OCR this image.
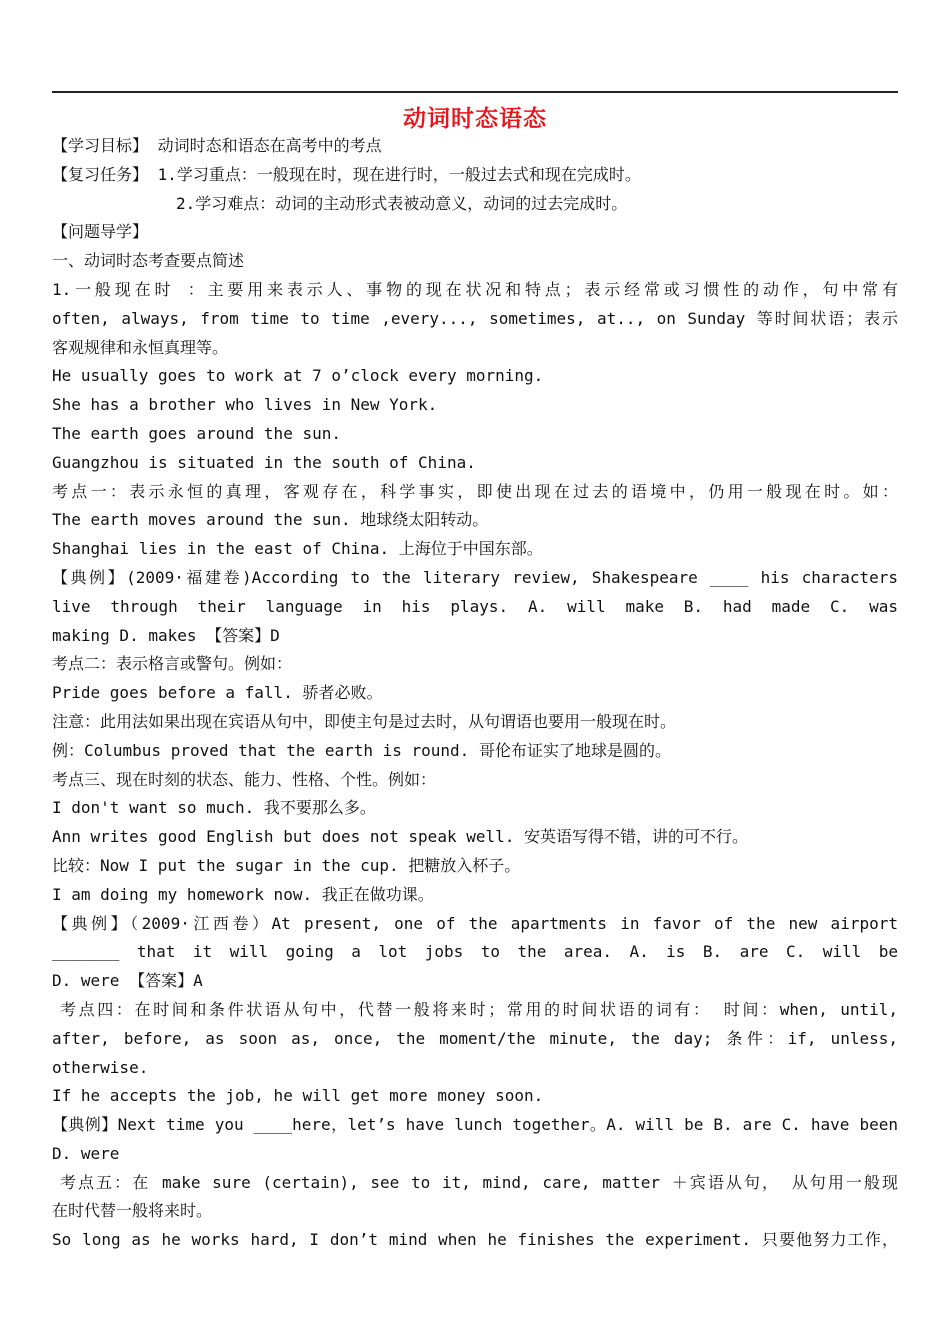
动词时态语态
【学习目标】 动词时态和语态在高考中的考点
【复习任务】 1.学习重点：一般现在时，现在进行时，一般过去式和现在完成时。
2.学习难点：动词的主动形式表被动意义，动词的过去完成时。
【问题导学】
一、动词时态考查要点简述
1.一般现在时 ：主要用来表示人、事物的现在状况和特点；表示经常或习惯性的动作，句中常有
often, always, from time to time ,every..., sometimes, at.., on Sunday 等时间状语；表示
客观规律和永恒真理等。
He usually goes to work at 7 o’clock every morning.
She has a brother who lives in New York.
The earth goes around the sun.
Guangzhou is situated in the south of China.
考点一：表示永恒的真理，客观存在，科学事实，即使出现在过去的语境中，仍用一般现在时。如：
The earth moves around the sun. 地球绕太阳转动。
Shanghai lies in the east of China. 上海位于中国东部。
【典例】(2009·福建卷)According to the literary review, Shakespeare ____ his characters
live through their language in his plays. A. will make B. had made C. was
making D. makes 【答案】D
考点二：表示格言或警句。例如：
Pride goes before a fall. 骄者必败。
注意：此用法如果出现在宾语从句中，即使主句是过去时，从句谓语也要用一般现在时。
例：Columbus proved that the earth is round. 哥伦布证实了地球是圆的。
考点三、现在时刻的状态、能力、性格、个性。例如：
I don't want so much. 我不要那么多。
Ann writes good English but does not speak well. 安英语写得不错，讲的可不行。
比较：Now I put the sugar in the cup. 把糖放入杯子。
I am doing my homework now. 我正在做功课。
【典例】（2009·江西卷）At present, one of the apartments in favor of the new airport
_______ that it will going a lot jobs to the area. A. is B. are C. will be
D. were 【答案】A
考点四：在时间和条件状语从句中，代替一般将来时；常用的时间状语的词有： 时间：when, until,
after, before, as soon as, once, the moment/the minute, the day; 条件：if, unless,
otherwise.
If he accepts the job, he will get more money soon.
【典例】Next time you ____here，let’s have lunch together。A. will be B. are C. have been
D. were
考点五：在 make sure (certain), see to it, mind, care, matter ＋宾语从句， 从句用一般现
在时代替一般将来时。
So long as he works hard, I don’t mind when he finishes the experiment. 只要他努力工作，
